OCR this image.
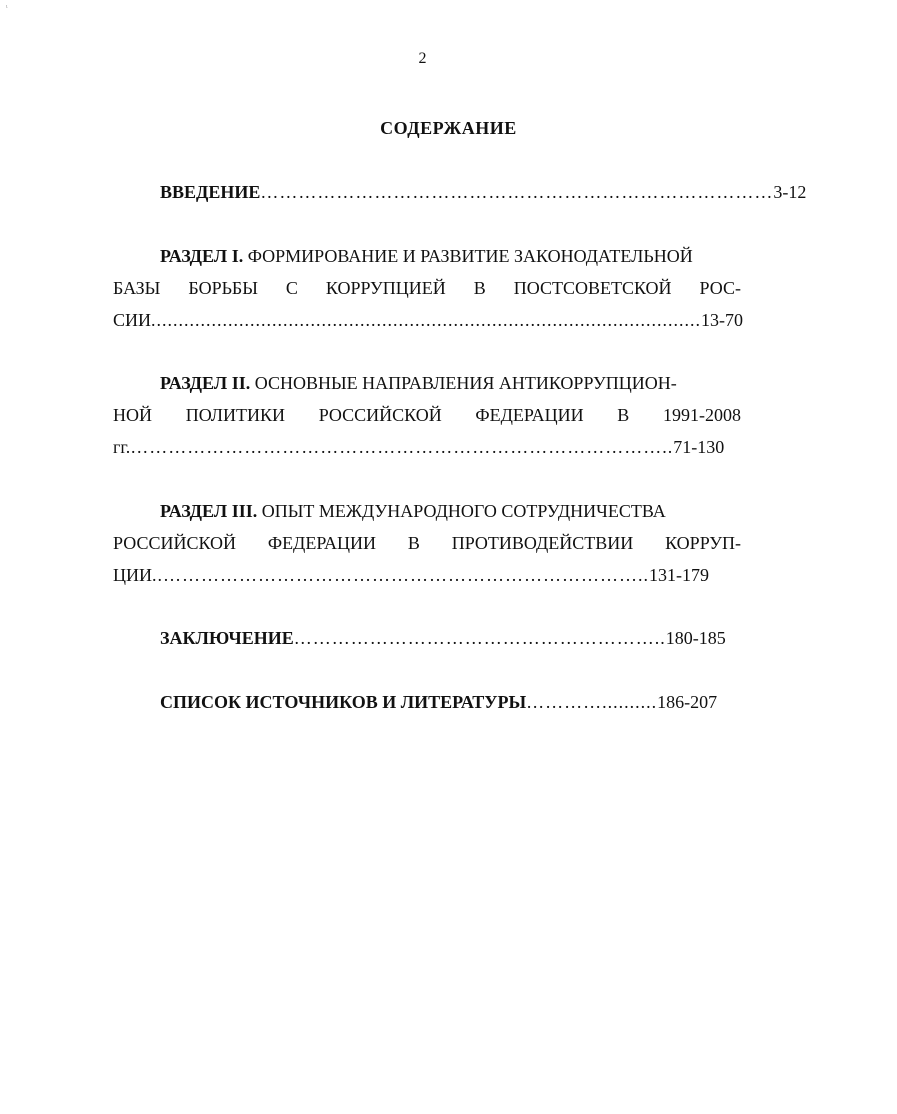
ι
2
СОДЕРЖАНИЕ
ВВЕДЕНИЕ………………………………………………………………………3-12
РАЗДЕЛ I. ФОРМИРОВАНИЕ И РАЗВИТИЕ ЗАКОНОДАТЕЛЬНОЙ
БАЗЫ БОРЬБЫ С КОРРУПЦИЕЙ В ПОСТСОВЕТСКОЙ РОС-
СИИ....................................................................................................13-70
РАЗДЕЛ II. ОСНОВНЫЕ НАПРАВЛЕНИЯ АНТИКОРРУПЦИОН-
НОЙ ПОЛИТИКИ РОССИЙСКОЙ ФЕДЕРАЦИИ В 1991-2008
гг.…………………………………………………………………………..71-130
РАЗДЕЛ III. ОПЫТ МЕЖДУНАРОДНОГО СОТРУДНИЧЕСТВА
РОССИЙСКОЙ ФЕДЕРАЦИИ В ПРОТИВОДЕЙСТВИИ КОРРУП-
ЦИИ..…………………………………………………………………..131-179
ЗАКЛЮЧЕНИЕ…………………………………………………..180-185
СПИСОК ИСТОЧНИКОВ И ЛИТЕРАТУРЫ…………..........186-207
